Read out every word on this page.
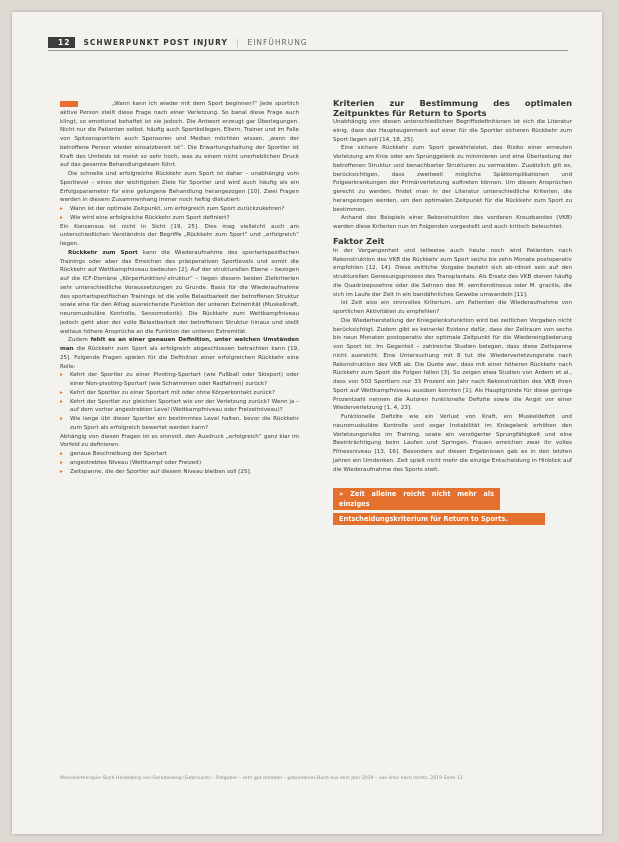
12	SCHWERPUNKT POST INJURY | EINFÜHRUNG

„Wann kann ich wieder mit dem Sport beginnen?“ Jede sportlich aktive Person stellt diese Frage nach einer Verletzung. So banal diese Frage auch klingt, so emotional behaftet ist sie jedoch. Die Antwort erzeugt gar Überlegungen. Nicht nur die Patienten selbst, häufig auch Sportkollegen, Eltern, Trainer und im Falle von Spitzensportlern auch Sponsoren und Medien möchten wissen, „wann der betroffene Person wieder einsatzbereit ist“. Die Erwartungshaltung der Sportler ist Kraft des Umfelds ist meist so sehr hoch, was zu einem nicht unerheblichen Druck auf das gesamte Behandlungsteam führt.

Die schnelle und erfolgreiche Rückkehr zum Sport ist daher – unabhängig vom Sportlevel – eines der wichtigsten Ziele für Sportler und wird auch häufig als ein Erfolgsparameter für eine gelungene Behandlung herangezogen [10]. Zwei Fragen werden in diesem Zusammenhang immer noch heftig diskutiert:

▸ Wann ist der optimale Zeitpunkt, um erfolgreich zum Sport zurückzukehren?

▸ Wie wird eine erfolgreiche Rückkehr zum Sport definiert?

Ein Konsensus ist nicht in Sicht [19, 25]. Dies mag vielleicht auch am unterschiedlichen Verständnis der Begriffe „Rückkehr zum Sport“ und „erfolgreich“ liegen.

Rückkehr zum Sport kann die Wiederaufnahme des sportartspezifischen Trainings oder aber das Erreichen des präoperativen Sportlevels und somit die Rückkehr auf Wettkampfniveau bedeuten [2]. Auf der strukturellen Ebene – bezogen auf die ICF-Domäne „Körperfunktion/-struktur“ – liegen diesem beiden Zielkriterien sehr unterschiedliche Voraussetzungen zu Grunde. Basis für die Wiederaufnahme des sportartspezifischen Trainings ist die volle Belastbarkeit der betroffenen Struktur sowie eine für den Alltag ausreichende Funktion der unteren Extremität (Muskelkraft, neuromuskuläre Kontrolle, Sensomotorik). Die Rückkehr zum Wettkampfniveau jedoch geht aber der volle Belastbarkeit der betroffenen Struktur hinaus und stellt weitaus höhere Ansprüche an die Funktion der unteren Extremität.

Zudem fehlt es an einer genauen Definition, unter welchen Umständen man die Rückkehr zum Sport als erfolgreich abgeschlossen betrachten kann [19, 25]. Folgende Fragen spielen für die Definition einer erfolgreichen Rückkehr eine Rolle:

▸ Kehrt der Sportler zu einer Pivoting-Sportart (wie Fußball oder Skisport) oder einer Non-pivoting-Sportart (wie Schwimmen oder Radfahren) zurück?

▸ Kehrt der Sportler zu einer Sportart mit oder ohne Körperkontakt zurück?

▸ Kehrt der Sportler zur gleichen Sportart wie vor der Verletzung zurück? Wenn ja – auf dem vorher angestrebten Level (Wettkampfniveau oder Freizeitniveau)?

▸ Wie lange übt dieser Sportler ein bestimmtes Level halten, bevor die Rückkehr zum Sport als erfolgreich bewertet werden kann?

Abhängig von diesen Fragen ist es sinnvoll, den Ausdruck „erfolgreich“ ganz klar im Vorfeld zu definieren:

▸ genaue Beschreibung der Sportart

▸ angestrebtes Niveau (Wettkampf oder Freizeit)

▸ Zeitspanne, die der Sportler auf diesem Niveau bleiben soll [25].

Kriterien zur Bestimmung des optimalen Zeitpunktes für Return to Sports

Unabhängig von diesen unterschiedlichen Begriffsdefinitionen ist sich die Literatur einig, dass das Hauptaugenmerk auf einer für die Sportler sicheren Rückkehr zum Sport liegen soll [14, 18, 25].

Eine sichere Rückkehr zum Sport gewährleistet, das Risiko einer erneuten Verletzung am Knie oder am Sprunggelenk zu minimieren und eine Überlastung der betroffenen Struktur und benachbarter Strukturen zu vermeiden. Zusätzlich gilt es, berücksichtigen, dass zweitweil mögliche Spätkomplikationen und Folgeerkrankungen der Primärverletzung auftreten können. Um diesen Ansprüchen gerecht zu werden, findet man in der Literatur unterschiedliche Kriterien, die herangezogen werden, um den optimalen Zeitpunkt für die Rückkehr zum Sport zu bestimmen.

Anhand des Beispiels einer Rekonstruktion des vorderen Kreuzbandes (VKB) werden diese Kriterien nun im Folgenden vorgestellt und auch kritisch beleuchtet.

Faktor Zeit

In der Vergangenheit und teilweise auch heute noch wird Patienten nach Rekonstruktion des VKB die Rückkehr zum Sport sechs bis zehn Monate postoperativ empfohlen [12, 14]. Diese zeitliche Vorgabe bezieht sich ab-rdinet sein auf den strukturellen Genesungsprozess des Transplantats. Als Ersatz des VKB dienen häufig die Quadrizepssehne oder die Sehnen des M. semitendinosus oder M. gracilis, die sich im Laufe der Zeit in ein bandähnliches Gewebe umwandeln [11].

Ist Zeit also ein sinnvolles Kriterium, um Patienten die Wiederaufnahme von sportlichen Aktivitäten zu empfehlen?

Die Wiederherstellung der Kniegelenksfunktion wird bei zeitlichen Vorgaben nicht berücksichtigt. Zudem gibt es keinerlei Evidenz dafür, dass der Zeitraum von sechs bis neun Monaten postoperativ der optimale Zeitpunkt für die Wiedereingliederung von Sport ist. Im Gegenteil – zahlreiche Studien belegen, dass diese Zeitspanne nicht ausreicht. Eine Untersuchung mit 8 tut die Wiederverletzungsrate nach Rekonstruktion des VKB ab. Die Quote war, dass mit einer höheren Rückkehr nach Rückkehr zum Sport die Folgen fallen [3]. So zeigen etwa Studien von Ardern et al., dass von 503 Sportlern nur 33 Prozent ein Jahr nach Rekonstruktion des VKB ihren Sport auf Wettkampfniveau ausüben konnten [1]. Als Hauptgründe für diese geringe Prozentzahl nennen die Autoren funktionelle Defizite sowie die Angst vor einer Wiederverletzung [1, 4, 23].

Funktionelle Defizite wie ein Verlust von Kraft, ein Muskeldefizit und neuromuskuläre Kontrolle und sogar Instabilität im Kniegelenk erhöhen den Verletzungsrisiko im Training, sowie ein verzögerter Sprungfähigkeit und eine Beeinträchtigung beim Laufen und Springen. Frauen erreichen zwar ihr volles Fitnessniveau [13, 16]. Besonders auf diesen Ergebnissen gab es in den letzten Jahren ein Umdenken. Zeit spielt nicht mehr die einzige Entscheidung in Hinblick auf die Wiederaufnahme des Sports statt.

» Zeit alleine reicht nicht mehr als einziges
Entscheidungskriterium für Return to Sports.
Manuelletherapie: Buch Heidelberg von Geradenweg (Gebraucht) – Ratgeber – sehr gut erhalten – gebundenes Buch aus dem Jahr 2019 – von links nach rechts, 2019 Seite 13
